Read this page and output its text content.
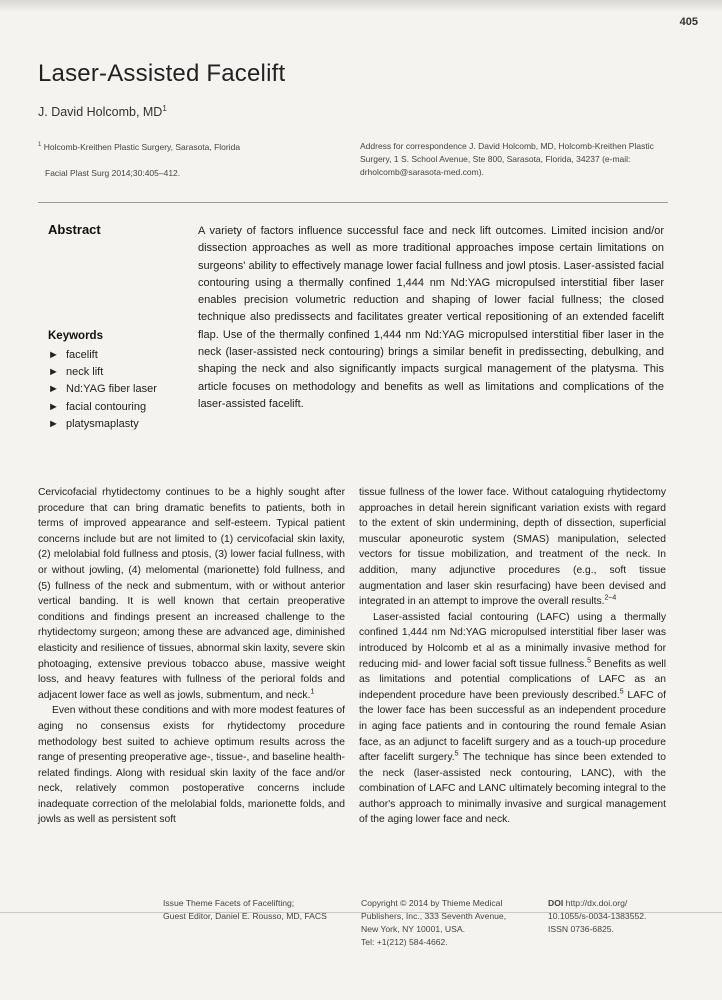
405
Laser-Assisted Facelift
J. David Holcomb, $MD^1$
$^1$ Holcomb-Kreithen Plastic Surgery, Sarasota, Florida
Facial Plast Surg 2014;30:405–412.
Address for correspondence J. David Holcomb, MD, Holcomb-Kreithen Plastic Surgery, 1 S. School Avenue, Ste 800, Sarasota, Florida, 34237 (e-mail: drholcomb@sarasota-med.com).
Abstract	A variety of factors influence successful face and neck lift outcomes. Limited incision and/or dissection approaches as well as more traditional approaches impose certain limitations on surgeons' ability to effectively manage lower facial fullness and jowl ptosis. Laser-assisted facial contouring using a thermally confined 1,444 nm Nd:YAG micropulsed interstitial fiber laser enables precision volumetric reduction and shaping of lower facial fullness; the closed technique also predissects and facilitates greater vertical repositioning of an extended facelift flap. Use of the thermally confined 1,444 nm Nd:YAG micropulsed interstitial fiber laser in the neck (laser-assisted neck contouring) brings a similar benefit in predissecting, debulking, and shaping the neck and also significantly impacts surgical management of the platysma. This article focuses on methodology and benefits as well as limitations and complications of the laser-assisted facelift.
Keywords
► facelift
► neck lift
► Nd:YAG fiber laser
► facial contouring
► platysmaplasty

Cervicofacial rhytidectomy continues to be a highly sought after procedure that can bring dramatic benefits to patients, both in terms of improved appearance and self-esteem. Typical patient concerns include but are not limited to (1) cervicofacial skin laxity, (2) melolabial fold fullness and ptosis, (3) lower facial fullness, with or without jowling, (4) melomental (marionette) fold fullness, and (5) fullness of the neck and submentum, with or without anterior vertical banding. It is well known that certain preoperative conditions and findings present an increased challenge to the rhytidectomy surgeon; among these are advanced age, diminished elasticity and resilience of tissues, abnormal skin laxity, severe skin photoaging, extensive previous tobacco abuse, massive weight loss, and heavy features with fullness of the perioral folds and adjacent lower face as well as jowls, submentum, and neck.$^1$

Even without these conditions and with more modest features of aging no consensus exists for rhytidectomy procedure methodology best suited to achieve optimum results across the range of presenting preoperative age-, tissue-, and baseline health-related findings. Along with residual skin laxity of the face and/or neck, relatively common postoperative concerns include inadequate correction of the melolabial folds, marionette folds, and jowls as well as persistent soft

tissue fullness of the lower face. Without cataloguing rhytidectomy approaches in detail herein significant variation exists with regard to the extent of skin undermining, depth of dissection, superficial muscular aponeurotic system (SMAS) manipulation, selected vectors for tissue mobilization, and treatment of the neck. In addition, many adjunctive procedures (e.g., soft tissue augmentation and laser skin resurfacing) have been devised and integrated in an attempt to improve the overall results.$^{2-4}$

Laser-assisted facial contouring (LAFC) using a thermally confined 1,444 nm Nd:YAG micropulsed interstitial fiber laser was introduced by Holcomb et al as a minimally invasive method for reducing mid- and lower facial soft tissue fullness.$^5$ Benefits as well as limitations and potential complications of LAFC as an independent procedure have been previously described.$^5$ LAFC of the lower face has been successful as an independent procedure in aging face patients and in contouring the round female Asian face, as an adjunct to facelift surgery and as a touch-up procedure after facelift surgery.$^5$ The technique has since been extended to the neck (laser-assisted neck contouring, LANC), with the combination of LAFC and LANC ultimately becoming integral to the author's approach to minimally invasive and surgical management of the aging lower face and neck.

Issue Theme Facets of Facelifting;
Guest Editor, Daniel E. Rousso, MD, FACS
Copyright © 2014 by Thieme Medical
Publishers, Inc., 333 Seventh Avenue,
New York, NY 10001, USA.
Tel: +1(212) 584-4662.
DOI http://dx.doi.org/
10.1055/s-0034-1383552.
ISSN 0736-6825.
